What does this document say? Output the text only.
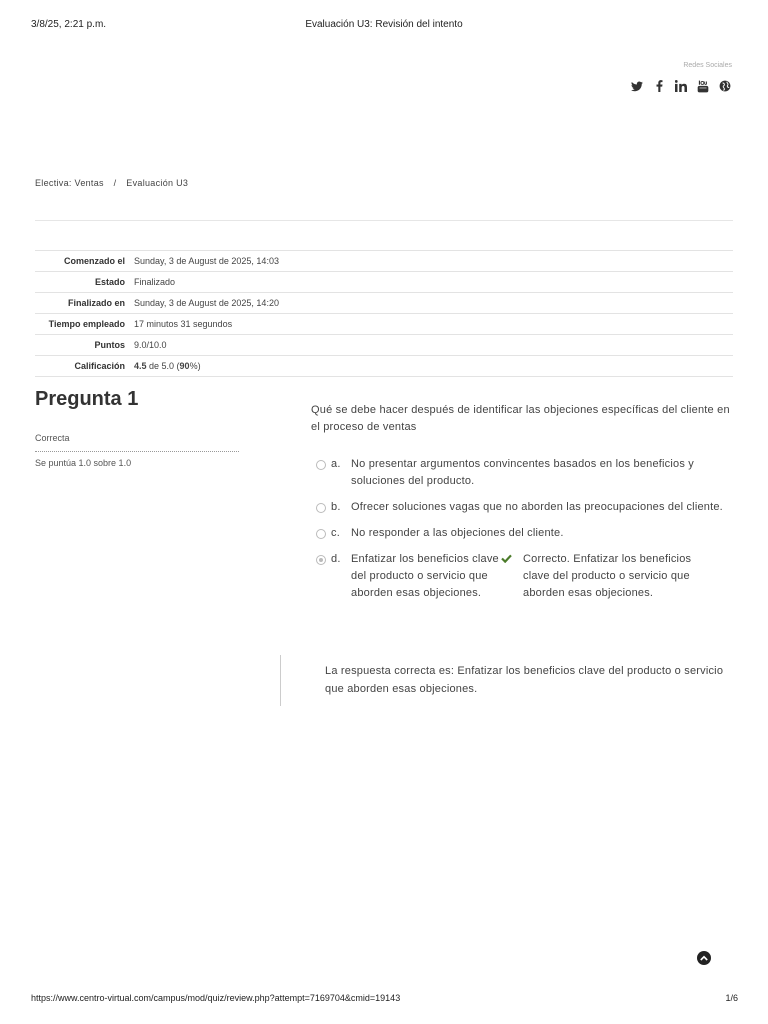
3/8/25, 2:21 p.m.	Evaluación U3: Revisión del intento
Redes Sociales
Electiva: Ventas / Evaluación U3
Comenzado el	Sunday, 3 de August de 2025, 14:03
Estado	Finalizado
Finalizado en	Sunday, 3 de August de 2025, 14:20
Tiempo empleado	17 minutos 31 segundos
Puntos	9.0/10.0
Calificación	4.5 de 5.0 (90%)
Pregunta 1
Correcta
Se puntúa 1.0 sobre 1.0
Qué se debe hacer después de identificar las objeciones específicas del cliente en el proceso de ventas
a. No presentar argumentos convincentes basados en los beneficios y soluciones del producto.
b. Ofrecer soluciones vagas que no aborden las preocupaciones del cliente.
c.	No responder a las objeciones del cliente.
d. Enfatizar los beneficios clave del producto o servicio que aborden esas objeciones.
Correcto. Enfatizar los beneficios clave del producto o servicio que aborden esas objeciones.
La respuesta correcta es: Enfatizar los beneficios clave del producto o servicio que aborden esas objeciones.
https://www.centro-virtual.com/campus/mod/quiz/review.php?attempt=7169704&cmid=19143	1/6
